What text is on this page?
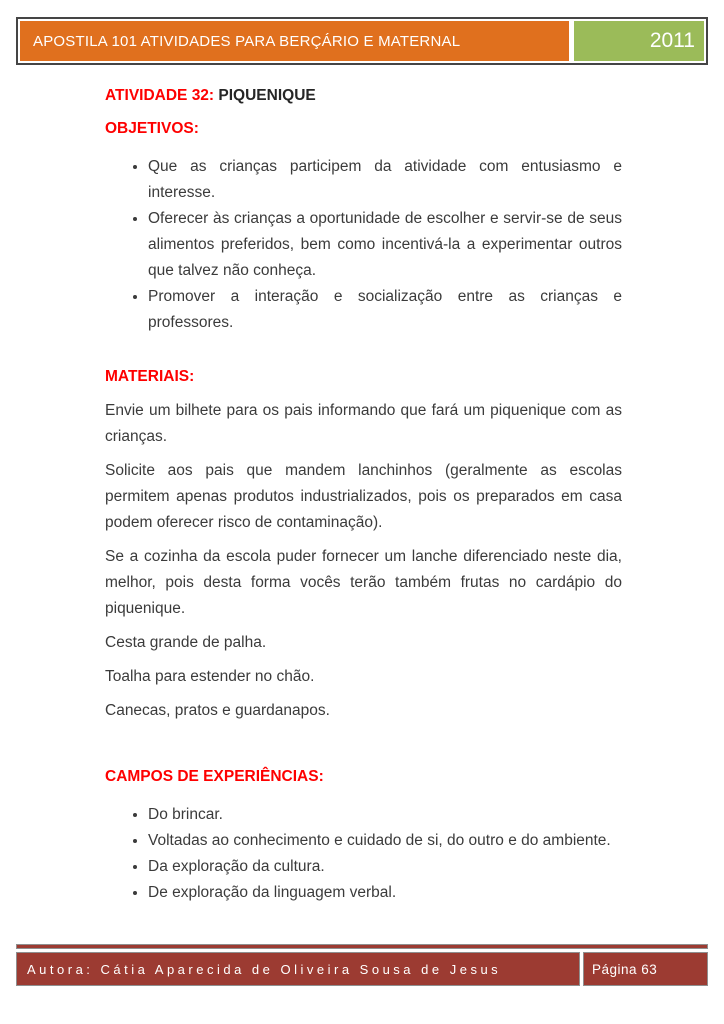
APOSTILA 101 ATIVIDADES PARA BERÇÁRIO E MATERNAL	2011

ATIVIDADE 32: PIQUENIQUE

OBJETIVOS:

• Que as crianças participem da atividade com entusiasmo e interesse.
• Oferecer às crianças a oportunidade de escolher e servir-se de seus alimentos preferidos, bem como incentivá-la a experimentar outros que talvez não conheça.
• Promover a interação e socialização entre as crianças e professores.

MATERIAIS:

Envie um bilhete para os pais informando que fará um piquenique com as crianças.

Solicite aos pais que mandem lanchinhos (geralmente as escolas permitem apenas produtos industrializados, pois os preparados em casa podem oferecer risco de contaminação).

Se a cozinha da escola puder fornecer um lanche diferenciado neste dia, melhor, pois desta forma vocês terão também frutas no cardápio do piquenique.

Cesta grande de palha.

Toalha para estender no chão.

Canecas, pratos e guardanapos.

CAMPOS DE EXPERIÊNCIAS:

• Do brincar.
• Voltadas ao conhecimento e cuidado de si, do outro e do ambiente.
• Da exploração da cultura.
• De exploração da linguagem verbal.
Autora: Cátia Aparecida de Oliveira Sousa de Jesus	Página 63
